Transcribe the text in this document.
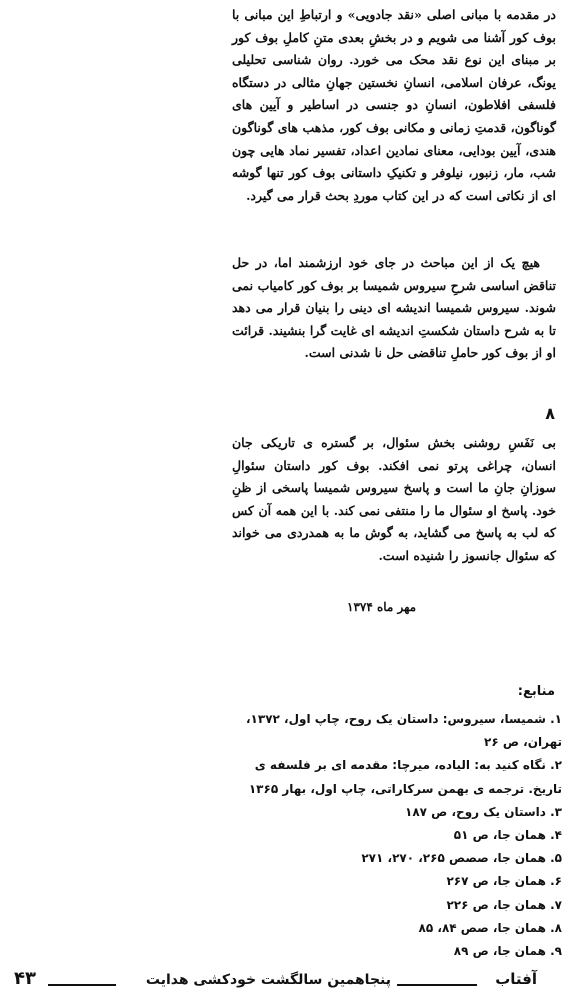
در مقدمه با مبانی اصلی «نقد جادویی» و ارتباطِ این مبانی با بوف کور آشنا می شویم و در بخشِ بعدی متنِ کاملِ بوف کور بر مبنای این نوع نقد محک می خورد. روان شناسی تحلیلی یونگ، عرفان اسلامی، انسانِ نخستین جهانِ مثالی در دستگاه فلسفی افلاطون، انسانِ دو جنسی در اساطیر و آیین های گوناگون، قدمتِ زمانی و مکانی بوف کور، مذهب های گوناگون هندی، آیین بودایی، معنای نمادین اعداد، تفسیر نماد هایی چون شب، مار، زنبور، نیلوفر و تکنیکِ داستانی بوف کور تنها گوشه ای از نکاتی است که در این کتاب موردِ بحث قرار می گیرد.

هیچ یک از این مباحث در جای خود ارزشمند اما، در حل تناقض اساسی شرحِ سیروس شمیسا بر بوف کور کامیاب نمی شوند. سیروس شمیسا اندیشه ای دینی را بنیان قرار می دهد تا به شرح داستان شکستِ اندیشه ای غایت گرا بنشیند. قرائت او از بوف کور حاملِ تناقضی حل نا شدنی است.

۸

بی نَفَسِ روشنی بخش سئوال، بر گستره ی تاریکی جان انسان، چراغی پرتو نمی افکند. بوف کور داستان سئوالِ سوزانِ جانِ ما است و پاسخ سیروس شمیسا پاسخی از ظنِ خود. پاسخ او سئوال ما را منتفی نمی کند. با این همه آن کس که لب به پاسخ می گشاید، به گوش ما به همدردی می خواند که سئوال جانسوز را شنیده است.

مهر ماه ۱۳۷۴
منابع:
۱. شمیسا، سیروس: داستان یک روح، چاپ اول، ۱۳۷۲، تهران، ص ۲۶
۲. نگاه کنید به: الیاده، میرچا: مقدمه ای بر فلسفه ی تاریخ. ترجمه ی بهمن سرکاراتی، چاپ اول، بهار ۱۳۶۵
۳. داستان یک روح، ص ۱۸۷
۴. همان جا، ص ۵۱
۵. همان جا، صصص ۲۶۵، ۲۷۰، ۲۷۱
۶. همان جا، ص ۲۶۷
۷. همان جا، ص ۲۲۶
۸. همان جا، صص ۸۴، ۸۵
۹. همان جا، ص ۸۹
آفتاب
پنجاهمین سالگشت خودکشی هدایت
۴۳
